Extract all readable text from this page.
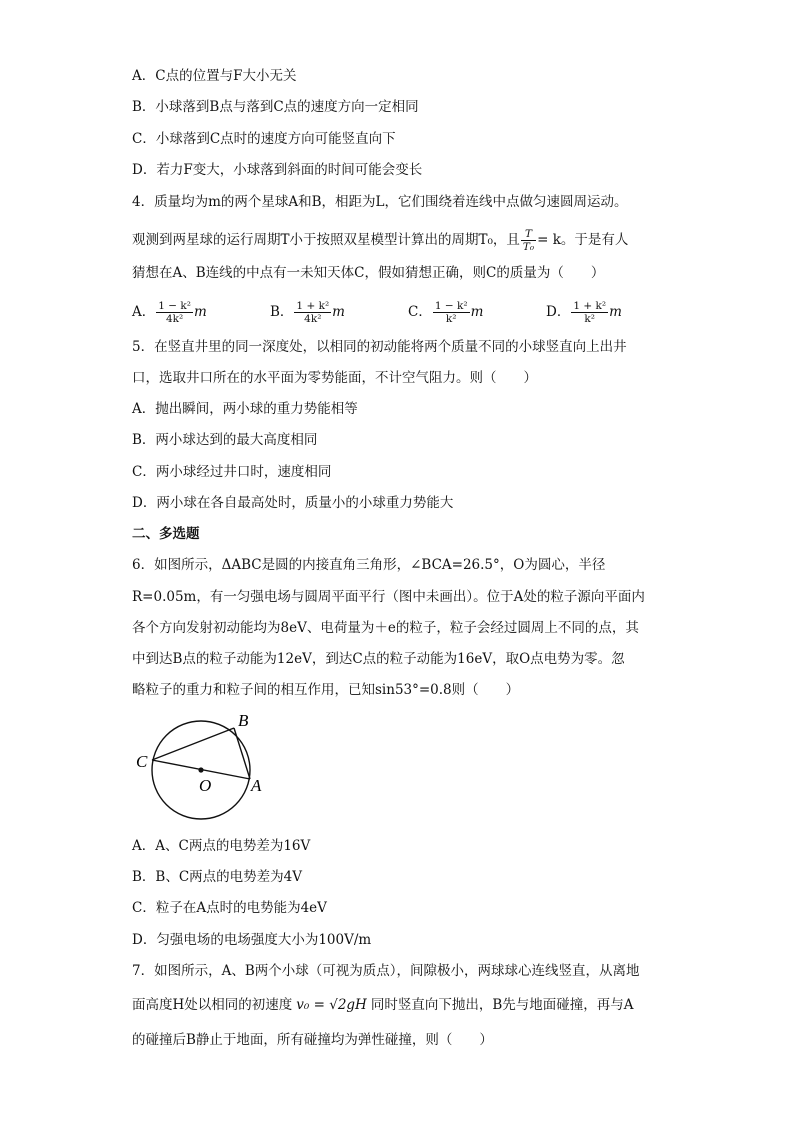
A．C点的位置与F大小无关
B．小球落到B点与落到C点的速度方向一定相同
C．小球落到C点时的速度方向可能竖直向下
D．若力F变大，小球落到斜面的时间可能会变长
4．质量均为m的两个星球A和B，相距为L，它们围绕着连线中点做匀速圆周运动。
观测到两星球的运行周期T小于按照双星模型计算出的周期T₀，且 $\frac{T}{\text{T₀}} = k$。于是有人
猜想在A、B连线的中点有一未知天体C，假如猜想正确，则C的质量为（　　）
A． $\frac{\text{1 − k²}}{\text{4k²}}$ m	B． $\frac{\text{1 + k²}}{\text{4k²}}$ m	C． $\frac{\text{1 − k²}}{\text{k²}}$ m	D． $\frac{\text{1 + k²}}{\text{k²}}$ m
5．在竖直井里的同一深度处，以相同的初动能将两个质量不同的小球竖直向上出井
口，选取井口所在的水平面为零势能面，不计空气阻力。则（　　）
A．抛出瞬间，两小球的重力势能相等
B．两小球达到的最大高度相同
C．两小球经过井口时，速度相同
D．两小球在各自最高处时，质量小的小球重力势能大
二、多选题
6．如图所示，ΔABC是圆的内接直角三角形，∠BCA=26.5°，O为圆心，半径
R=0.05m，有一匀强电场与圆周平面平行（图中未画出）。位于A处的粒子源向平面内
各个方向发射初动能均为8eV、电荷量为＋e的粒子，粒子会经过圆周上不同的点，其
中到达B点的粒子动能为12eV，到达C点的粒子动能为16eV，取O点电势为零。忽
略粒子的重力和粒子间的相互作用，已知sin53°=0.8则（　　）
B
C
O A
A．A、C两点的电势差为16V
B．B、C两点的电势差为4V
C．粒子在A点时的电势能为4eV
D．匀强电场的电场强度大小为100V/m
7．如图所示，A、B两个小球（可视为质点），间隙极小，两球球心连线竖直，从离地
面高度H处以相同的初速度 v₀ = √2gH 同时竖直向下抛出，B先与地面碰撞，再与A
的碰撞后B静止于地面，所有碰撞均为弹性碰撞，则（　　）
